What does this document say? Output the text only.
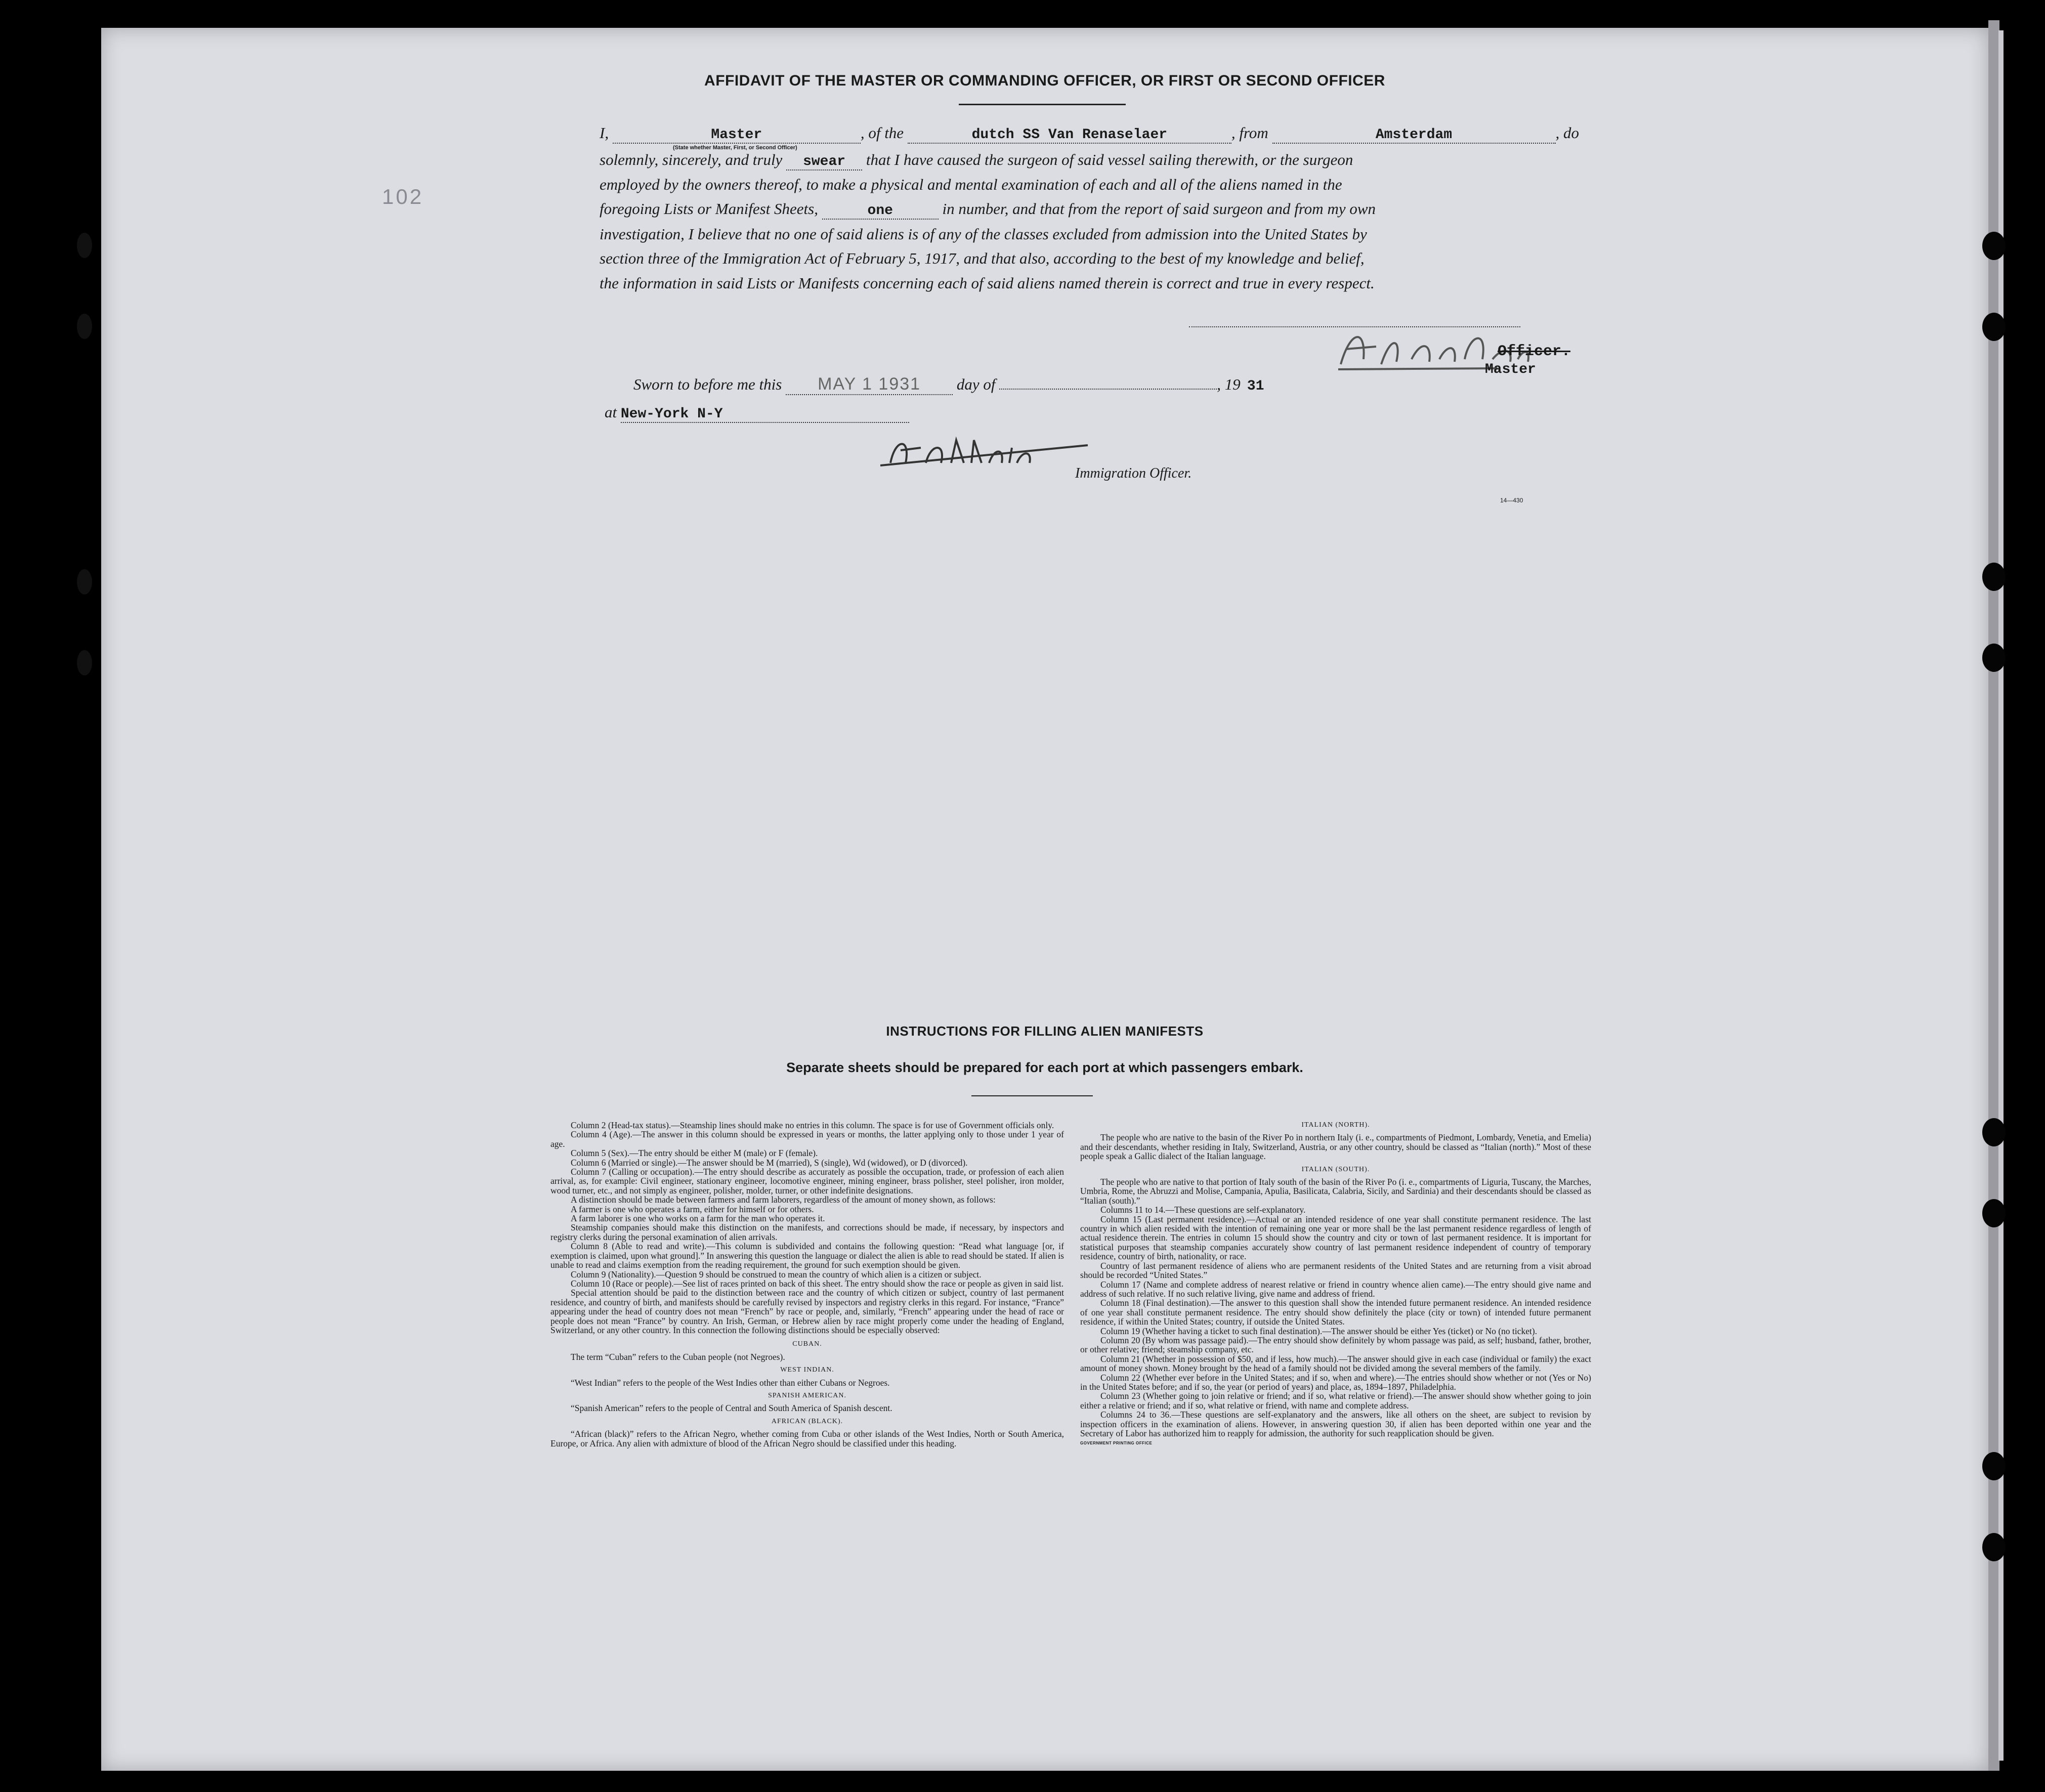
AFFIDAVIT OF THE MASTER OR COMMANDING OFFICER, OR FIRST OR SECOND OFFICER
I,	Master	, of the	dutch SS Van Renaselaer	, from	Amsterdam	, do
(State whether Master, First, or Second Officer)
solemnly, sincerely, and truly swear that I have caused the surgeon of said vessel sailing therewith, or the surgeon
employed by the owners thereof, to make a physical and mental examination of each and all of the aliens named in the
foregoing Lists or Manifest Sheets,	one	in number, and that from the report of said surgeon and from my own
investigation, I believe that no one of said aliens is of any of the classes excluded from admission into the United States by
section three of the Immigration Act of February 5, 1917, and that also, according to the best of my knowledge and belief,
the information in said Lists or Manifests concerning each of said aliens named therein is correct and true in every respect.
102
Officer.
Master
Sworn to before me this MAY 1 1931 day of	, 19 31
at New-York N-Y
Immigration Officer.
14—430
INSTRUCTIONS FOR FILLING ALIEN MANIFESTS
Separate sheets should be prepared for each port at which passengers embark.

Column 2 (Head-tax status).—Steamship lines should make no entries in this column. The space is for use of Government officials only.

Column 4 (Age).—The answer in this column should be expressed in years or months, the latter applying only to those under 1 year of age.

Column 5 (Sex).—The entry should be either M (male) or F (female).

Column 6 (Married or single).—The answer should be M (married), S (single), Wd (widowed), or D (divorced).

Column 7 (Calling or occupation).—The entry should describe as accurately as possible the occupation, trade, or profession of each alien arrival, as, for example: Civil engineer, stationary engineer, locomotive engineer, mining engineer, brass polisher, steel polisher, iron molder, wood turner, etc., and not simply as engineer, polisher, molder, turner, or other indefinite designations.

A distinction should be made between farmers and farm laborers, regardless of the amount of money shown, as follows:

A farmer is one who operates a farm, either for himself or for others.

A farm laborer is one who works on a farm for the man who operates it.

Steamship companies should make this distinction on the manifests, and corrections should be made, if necessary, by inspectors and registry clerks during the personal examination of alien arrivals.

Column 8 (Able to read and write).—This column is subdivided and contains the following question: “Read what language [or, if exemption is claimed, upon what ground].” In answering this question the language or dialect the alien is able to read should be stated. If alien is unable to read and claims exemption from the reading requirement, the ground for such exemption should be given.

Column 9 (Nationality).—Question 9 should be construed to mean the country of which alien is a citizen or subject.

Column 10 (Race or people).—See list of races printed on back of this sheet. The entry should show the race or people as given in said list.

Special attention should be paid to the distinction between race and the country of which citizen or subject, country of last permanent residence, and country of birth, and manifests should be carefully revised by inspectors and registry clerks in this regard. For instance, “France” appearing under the head of country does not mean “French” by race or people, and, similarly, “French” appearing under the head of race or people does not mean “France” by country. An Irish, German, or Hebrew alien by race might properly come under the heading of England, Switzerland, or any other country. In this connection the following distinctions should be especially observed:

CUBAN.

The term “Cuban” refers to the Cuban people (not Negroes).

WEST INDIAN.

“West Indian” refers to the people of the West Indies other than either Cubans or Negroes.

SPANISH AMERICAN.

“Spanish American” refers to the people of Central and South America of Spanish descent.

AFRICAN (BLACK).

“African (black)” refers to the African Negro, whether coming from Cuba or other islands of the West Indies, North or South America, Europe, or Africa. Any alien with admixture of blood of the African Negro should be classified under this heading.

ITALIAN (NORTH).

The people who are native to the basin of the River Po in northern Italy (i. e., compartments of Piedmont, Lombardy, Venetia, and Emelia) and their descendants, whether residing in Italy, Switzerland, Austria, or any other country, should be classed as “Italian (north).” Most of these people speak a Gallic dialect of the Italian language.

ITALIAN (SOUTH).

The people who are native to that portion of Italy south of the basin of the River Po (i. e., compartments of Liguria, Tuscany, the Marches, Umbria, Rome, the Abruzzi and Molise, Campania, Apulia, Basilicata, Calabria, Sicily, and Sardinia) and their descendants should be classed as “Italian (south).”

Columns 11 to 14.—These questions are self-explanatory.

Column 15 (Last permanent residence).—Actual or an intended residence of one year shall constitute permanent residence. The last country in which alien resided with the intention of remaining one year or more shall be the last permanent residence regardless of length of actual residence therein. The entries in column 15 should show the country and city or town of last permanent residence. It is important for statistical purposes that steamship companies accurately show country of last permanent residence independent of country of temporary residence, country of birth, nationality, or race.

Country of last permanent residence of aliens who are permanent residents of the United States and are returning from a visit abroad should be recorded “United States.”

Column 17 (Name and complete address of nearest relative or friend in country whence alien came).—The entry should give name and address of such relative. If no such relative living, give name and address of friend.

Column 18 (Final destination).—The answer to this question shall show the intended future permanent residence. An intended residence of one year shall constitute permanent residence. The entry should show definitely the place (city or town) of intended future permanent residence, if within the United States; country, if outside the United States.

Column 19 (Whether having a ticket to such final destination).—The answer should be either Yes (ticket) or No (no ticket).

Column 20 (By whom was passage paid).—The entry should show definitely by whom passage was paid, as self; husband, father, brother, or other relative; friend; steamship company, etc.

Column 21 (Whether in possession of $50, and if less, how much).—The answer should give in each case (individual or family) the exact amount of money shown. Money brought by the head of a family should not be divided among the several members of the family.

Column 22 (Whether ever before in the United States; and if so, when and where).—The entries should show whether or not (Yes or No) in the United States before; and if so, the year (or period of years) and place, as, 1894–1897, Philadelphia.

Column 23 (Whether going to join relative or friend; and if so, what relative or friend).—The answer should show whether going to join either a relative or friend; and if so, what relative or friend, with name and complete address.

Columns 24 to 36.—These questions are self-explanatory and the answers, like all others on the sheet, are subject to revision by inspection officers in the examination of aliens. However, in answering question 30, if alien has been deported within one year and the Secretary of Labor has authorized him to reapply for admission, the authority for such reapplication should be given.

GOVERNMENT PRINTING OFFICE
